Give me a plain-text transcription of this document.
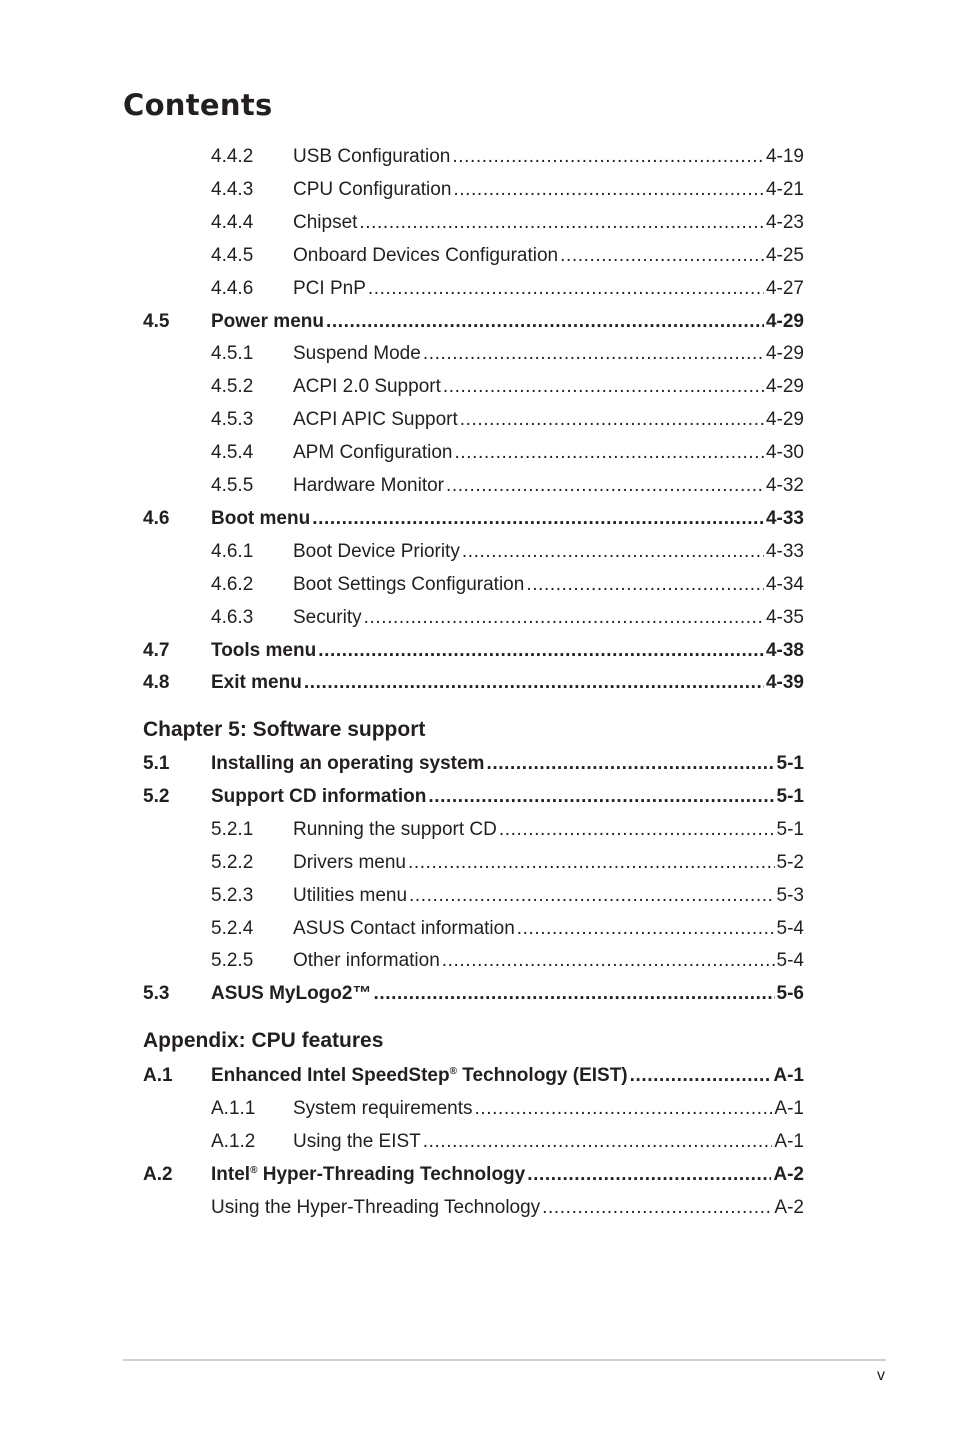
Contents
Chapter 5: Software support
Appendix: CPU features
4.4.2 USB Configuration .....	4-19
4.4.3 CPU Configuration .....	4-21
4.4.4 Chipset .....	4-23
4.4.5 Onboard Devices Configuration .....	4-25
4.4.6 PCI PnP .....	4-27
4.5 Power menu .....	4-29
4.5.1 Suspend Mode .....	4-29
4.5.2 ACPI 2.0 Support .....	4-29
4.5.3 ACPI APIC Support .....	4-29
4.5.4 APM Configuration .....	4-30
4.5.5 Hardware Monitor .....	4-32
4.6 Boot menu .....	4-33
4.6.1 Boot Device Priority .....	4-33
4.6.2 Boot Settings Configuration .....	4-34
4.6.3 Security .....	4-35
4.7 Tools menu .....	4-38
4.8 Exit menu .....	4-39
5.1 Installing an operating system .....	5-1
5.2 Support CD information .....	5-1
5.2.1 Running the support CD .....	5-1
5.2.2 Drivers menu .....	5-2
5.2.3 Utilities menu .....	5-3
5.2.4 ASUS Contact information .....	5-4
5.2.5 Other information .....	5-4
5.3 ASUS MyLogo2™ .....	5-6
A.1 Enhanced Intel SpeedStep® Technology (EIST) .....	A-1
A.1.1 System requirements .....	A-1
A.1.2 Using the EIST .....	A-1
A.2 Intel® Hyper-Threading Technology .....	A-2
Using the Hyper-Threading Technology .....	A-2
v
